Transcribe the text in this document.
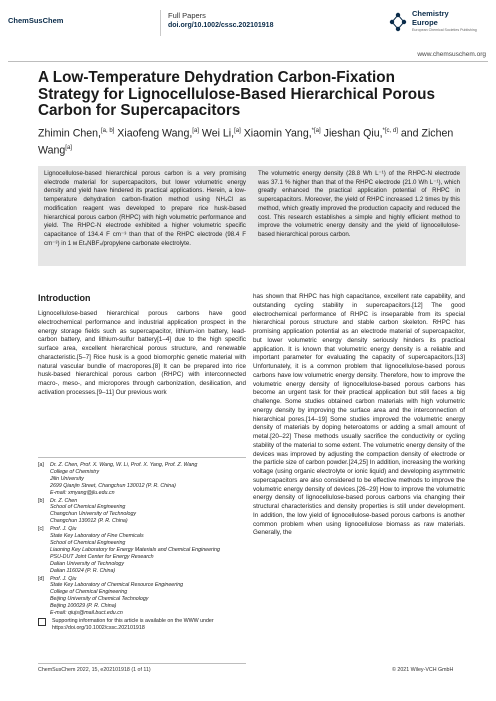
ChemSusChem
Full Papers
doi.org/10.1002/cssc.202101918
Chemistry
Europe
European Chemical Societies Publishing
www.chemsuschem.org
A Low-Temperature Dehydration Carbon-Fixation Strategy for Lignocellulose-Based Hierarchical Porous Carbon for Supercapacitors
Zhimin Chen,[a, b] Xiaofeng Wang,[a] Wei Li,[a] Xiaomin Yang,$^{*[a]}$ Jieshan Qiu,$^{*[c, d]}$ and Zichen Wang[a]

Lignocellulose-based hierarchical porous carbon is a very promising electrode material for supercapacitors, but lower volumetric energy density and yield have hindered its practical applications. Herein, a low-temperature dehydration carbon-fixation method using NH₄Cl as modification reagent was developed to prepare rice husk-based hierarchical porous carbon (RHPC) with high volumetric performance and yield. The RHPC-N electrode exhibited a higher volumetric specific capacitance of 134.4 F cm⁻³ than that of the RHPC electrode (98.4 F cm⁻³) in 1 ᴍ Et₄NBF₄/propylene carbonate electrolyte.

The volumetric energy density (28.8 Wh L⁻¹) of the RHPC-N electrode was 37.1 % higher than that of the RHPC electrode (21.0 Wh L⁻¹), which greatly enhanced the practical application potential of RHPC in supercapacitors. Moreover, the yield of RHPC increased 1.2 times by this method, which greatly improved the production capacity and reduced the cost. This research establishes a simple and highly efficient method to improve the volumetric energy density and the yield of lignocellulose-based hierarchical porous carbon.

Introduction

Lignocellulose-based hierarchical porous carbons have good electrochemical performance and industrial application prospect in the energy storage fields such as supercapacitor, lithium-ion battery, lead-carbon battery, and lithium-sulfur battery[1–4] due to the high specific surface area, excellent hierarchical porous structure, and renewable characteristic.[5–7] Rice husk is a good biomorphic genetic material with natural vascular bundle of macropores.[8] It can be prepared into rice husk-based hierarchical porous carbon (RHPC) with interconnected macro-, meso-, and micropores through carbonization, desilication, and activation processes.[9–11] Our previous work

has shown that RHPC has high capacitance, excellent rate capability, and outstanding cycling stability in supercapacitors.[12] The good electrochemical performance of RHPC is inseparable from its special hierarchical porous structure and stable carbon skeleton. RHPC has promising application potential as an electrode material of supercapacitor, but lower volumetric energy density seriously hinders its practical application. It is known that volumetric energy density is a reliable and important parameter for evaluating the capacity of supercapacitors.[13] Unfortunately, it is a common problem that lignocellulose-based porous carbons have low volumetric energy density. Therefore, how to improve the volumetric energy density of lignocellulose-based porous carbons has become an urgent task for their practical application but still faces a big challenge. Some studies obtained carbon materials with high volumetric energy density by improving the surface area and the interconnection of hierarchical pores.[14–19] Some studies improved the volumetric energy density of materials by doping heteroatoms or adding a small amount of metal.[20–22] These methods usually sacrifice the conductivity or cycling stability of the material to some extent. The volumetric energy density of the devices was improved by adjusting the compaction density of electrode or the particle size of carbon powder.[24,25] In addition, increasing the working voltage (using organic electrolyte or ionic liquid) and developing asymmetric supercapacitors are also considered to be effective methods to improve the volumetric energy density of devices.[26–29] How to improve the volumetric energy density of lignocellulose-based porous carbons via changing their structural characteristics and density properties is still under development. In addition, the low yield of lignocellulose-based porous carbons is another common problem when using lignocellulose biomass as raw materials. Generally, the

[a]	Dr. Z. Chen, Prof. X. Wang, W. Li, Prof. X. Yang, Prof. Z. Wang
College of Chemistry
Jilin University
2699 Qianjin Street, Changchun 130012 (P. R. China)
E-mail: xmyang@jlu.edu.cn
[b]	Dr. Z. Chen
School of Chemical Engineering
Changchun University of Technology
Changchun 130012 (P. R. China)
[c]	Prof. J. Qiu
State Key Laboratory of Fine Chemicals
School of Chemical Engineering
Liaoning Key Laboratory for Energy Materials and Chemical Engineering
PSU-DUT Joint Center for Energy Research
Dalian University of Technology
Dalian 116024 (P. R. China)
[d]	Prof. J. Qiu
State Key Laboratory of Chemical Resource Engineering
College of Chemical Engineering
Beijing University of Chemical Technology
Beijing 100029 (P. R. China)
E-mail: qiujs@mail.buct.edu.cn
Supporting information for this article is available on the WWW under https://doi.org/10.1002/cssc.202101918
ChemSusChem 2022, 15, e202101918 (1 of 11)	© 2021 Wiley-VCH GmbH
